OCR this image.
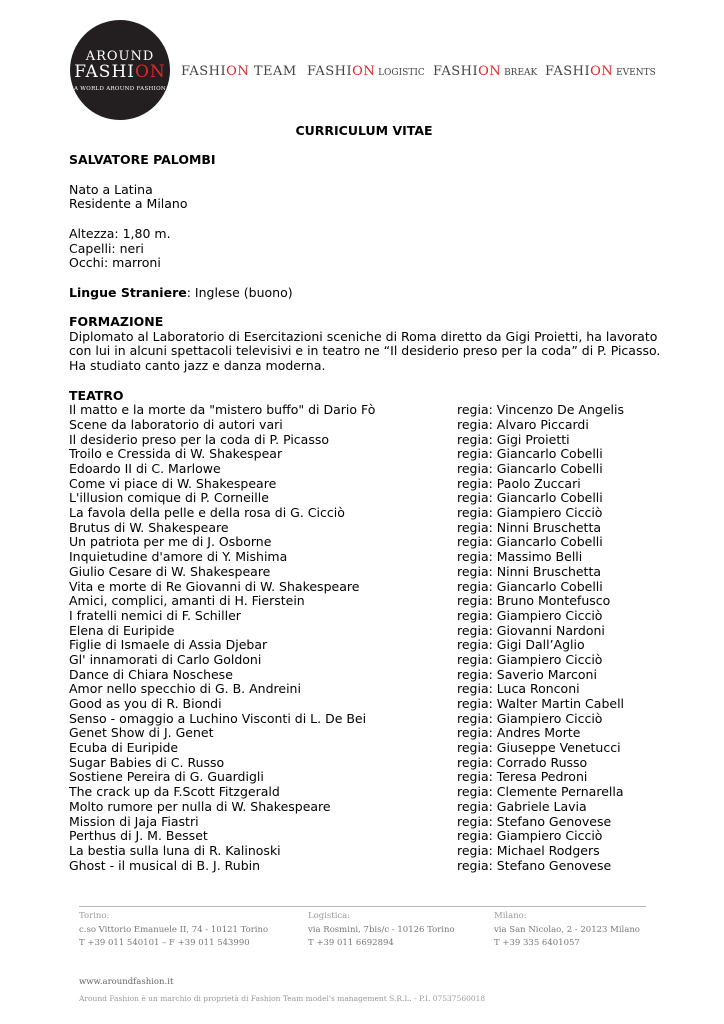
AROUND
FASHION
A WORLD AROUND FASHION
FASHION TEAM FASHION LOGISTIC FASHION BREAK FASHION EVENTS
CURRICULUM VITAE
SALVATORE PALOMBI
Nato a Latina
Residente a Milano
Altezza: 1,80 m.
Capelli: neri
Occhi: marroni
Lingue Straniere: Inglese (buono)
FORMAZIONE
Diplomato al Laboratorio di Esercitazioni sceniche di Roma diretto da Gigi Proietti, ha lavorato con lui in alcuni spettacoli televisivi e in teatro ne “Il desiderio preso per la coda” di P. Picasso. Ha studiato canto jazz e danza moderna.
TEATRO
Il matto e la morte da "mistero buffo" di Dario Fò	regia: Vincenzo De Angelis
Scene da laboratorio di autori vari	regia: Alvaro Piccardi
Il desiderio preso per la coda di P. Picasso	regia: Gigi Proietti
Troilo e Cressida di W. Shakespear	regia: Giancarlo Cobelli
Edoardo II di C. Marlowe	regia: Giancarlo Cobelli
Come vi piace di W. Shakespeare	regia: Paolo Zuccari
L'illusion comique di P. Corneille	regia: Giancarlo Cobelli
La favola della pelle e della rosa di G. Cicciò	regia: Giampiero Cicciò
Brutus di W. Shakespeare	regia: Ninni Bruschetta
Un patriota per me di J. Osborne	regia: Giancarlo Cobelli
Inquietudine d'amore di Y. Mishima	regia: Massimo Belli
Giulio Cesare di W. Shakespeare	regia: Ninni Bruschetta
Vita e morte di Re Giovanni di W. Shakespeare	regia: Giancarlo Cobelli
Amici, complici, amanti di H. Fierstein	regia: Bruno Montefusco
I fratelli nemici di F. Schiller	regia: Giampiero Cicciò
Elena di Euripide	regia: Giovanni Nardoni
Figlie di Ismaele di Assia Djebar	regia: Gigi Dall’Aglio
Gl' innamorati di Carlo Goldoni	regia: Giampiero Cicciò
Dance di Chiara Noschese	regia: Saverio Marconi
Amor nello specchio di G. B. Andreini	regia: Luca Ronconi
Good as you di R. Biondi	regia: Walter Martin Cabell
Senso - omaggio a Luchino Visconti di L. De Bei	regia: Giampiero Cicciò
Genet Show di J. Genet	regia: Andres Morte
Ecuba di Euripide	regia: Giuseppe Venetucci
Sugar Babies di C. Russo	regia: Corrado Russo
Sostiene Pereira di G. Guardigli	regia: Teresa Pedroni
The crack up da F.Scott Fitzgerald	regia: Clemente Pernarella
Molto rumore per nulla di W. Shakespeare	regia: Gabriele Lavia
Mission di Jaja Fiastri	regia: Stefano Genovese
Perthus di J. M. Besset	regia: Giampiero Cicciò
La bestia sulla luna di R. Kalinoski	regia: Michael Rodgers
Ghost - il musical di B. J. Rubin	regia: Stefano Genovese
Torino:
c.so Vittorio Emanuele II, 74 - 10121 Torino
T +39 011 540101 – F +39 011 543990
Logistica:
via Rosmini, 7bis/c - 10126 Torino
T +39 011 6692894
Milano:
via San Nicolao, 2 - 20123 Milano
T +39 335 6401057
www.aroundfashion.it
Around Fashion è un marchio di proprietà di Fashion Team model's management S.R.L. - P.I. 07537560018
